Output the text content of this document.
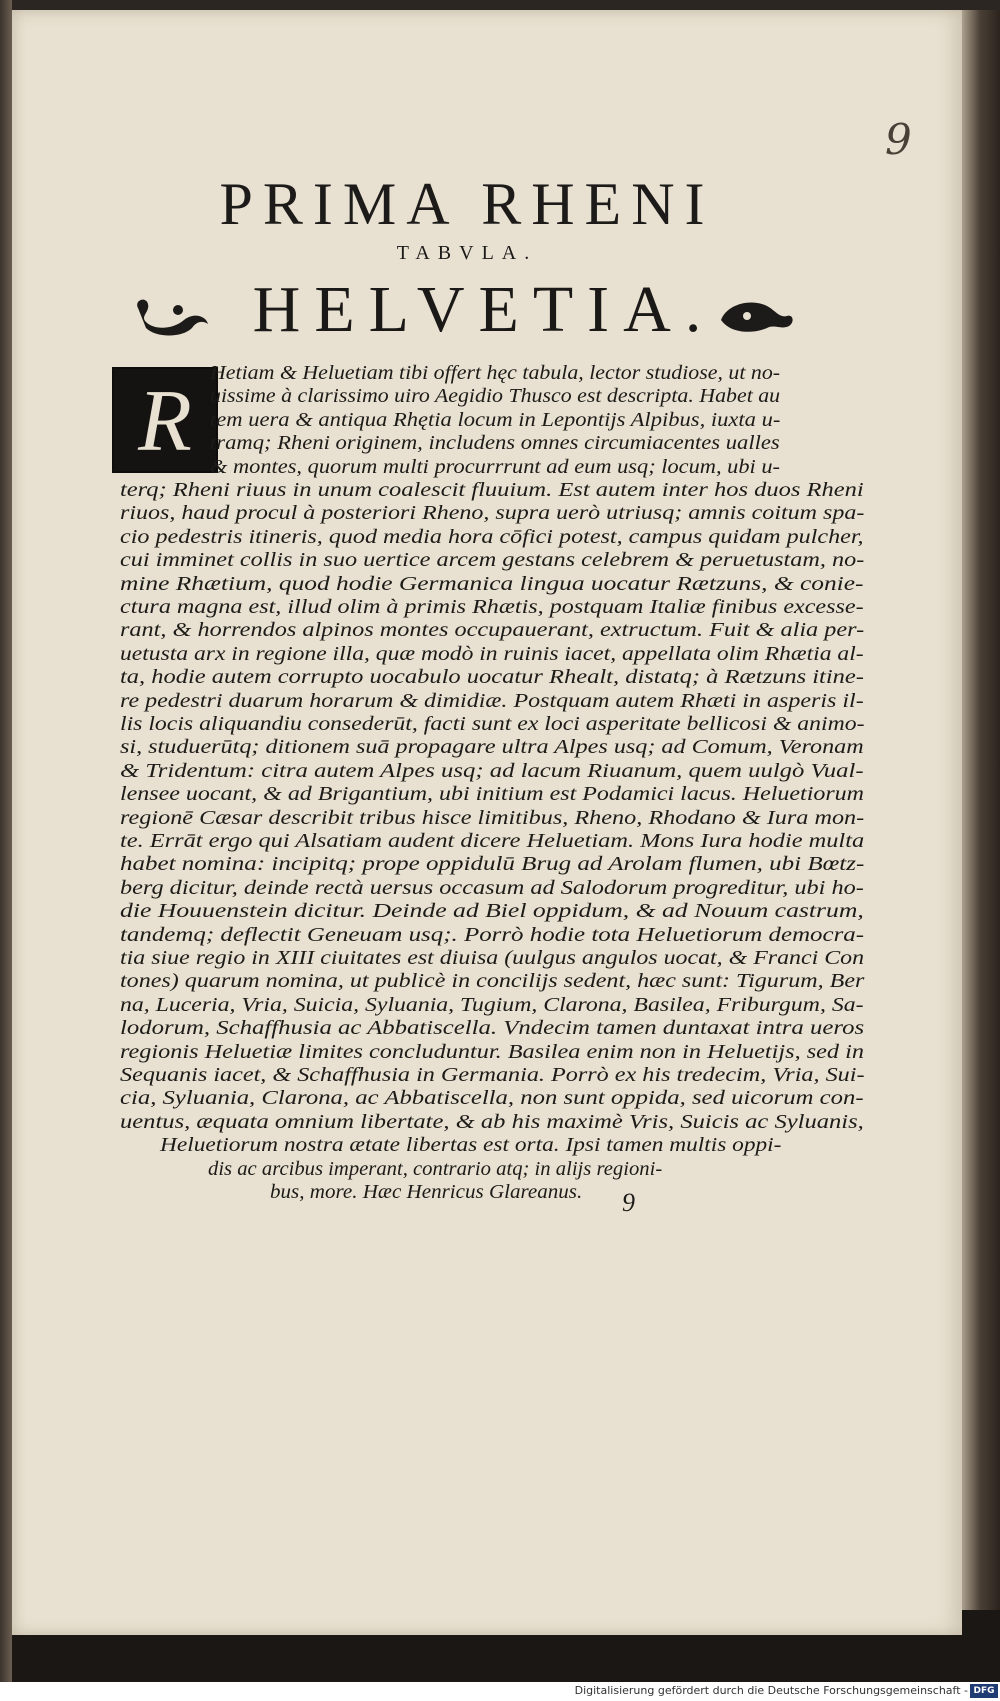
9
PRIMA RHENI
TABVLA.
HELVETIA.
R Hetiam & Heluetiam tibi offert hęc tabula, lector studiose, ut no-
uissime à clarissimo uiro Aegidio Thusco est descripta. Habet au
tem uera & antiqua Rhętia locum in Lepontijs Alpibus, iuxta u-
tramq; Rheni originem, includens omnes circumiacentes ualles
& montes, quorum multi procurrrunt ad eum usq; locum, ubi u-
terq; Rheni riuus in unum coalescit fluuium. Est autem inter hos duos Rheni
riuos, haud procul à posteriori Rheno, supra uerò utriusq; amnis coitum spa-
cio pedestris itineris, quod media hora cōfici potest, campus quidam pulcher,
cui imminet collis in suo uertice arcem gestans celebrem & peruetustam, no-
mine Rhætium, quod hodie Germanica lingua uocatur Rætzuns, & conie-
ctura magna est, illud olim à primis Rhætis, postquam Italiæ finibus excesse-
rant, & horrendos alpinos montes occupauerant, extructum. Fuit & alia per-
uetusta arx in regione illa, quæ modò in ruinis iacet, appellata olim Rhætia al-
ta, hodie autem corrupto uocabulo uocatur Rhealt, distatq; à Rætzuns itine-
re pedestri duarum horarum & dimidiæ. Postquam autem Rhæti in asperis il-
lis locis aliquandiu consederūt, facti sunt ex loci asperitate bellicosi & animo-
si, studuerūtq; ditionem suā propagare ultra Alpes usq; ad Comum, Veronam
& Tridentum: citra autem Alpes usq; ad lacum Riuanum, quem uulgò Vual-
lensee uocant, & ad Brigantium, ubi initium est Podamici lacus. Heluetiorum
regionē Cæsar describit tribus hisce limitibus, Rheno, Rhodano & Iura mon-
te. Errāt ergo qui Alsatiam audent dicere Heluetiam. Mons Iura hodie multa
habet nomina: incipitq; prope oppidulū Brug ad Arolam flumen, ubi Bœtz-
berg dicitur, deinde rectà uersus occasum ad Salodorum progreditur, ubi ho-
die Houuenstein dicitur. Deinde ad Biel oppidum, & ad Nouum castrum,
tandemq; deflectit Geneuam usq;. Porrò hodie tota Heluetiorum democra-
tia siue regio in XIII ciuitates est diuisa (uulgus angulos uocat, & Franci Con
tones) quarum nomina, ut publicè in concilijs sedent, hæc sunt: Tigurum, Ber
na, Luceria, Vria, Suicia, Syluania, Tugium, Clarona, Basilea, Friburgum, Sa-
lodorum, Schaffhusia ac Abbatiscella. Vndecim tamen duntaxat intra ueros
regionis Heluetiæ limites concluduntur. Basilea enim non in Heluetijs, sed in
Sequanis iacet, & Schaffhusia in Germania. Porrò ex his tredecim, Vria, Sui-
cia, Syluania, Clarona, ac Abbatiscella, non sunt oppida, sed uicorum con-
uentus, æquata omnium libertate, & ab his maximè Vris, Suicis ac Syluanis,
Heluetiorum nostra ætate libertas est orta. Ipsi tamen multis oppi-
dis ac arcibus imperant, contrario atq; in alijs regioni-
bus, more. Hæc Henricus Glareanus. 9
Digitalisierung gefördert durch die Deutsche Forschungsgemeinschaft - DFG
